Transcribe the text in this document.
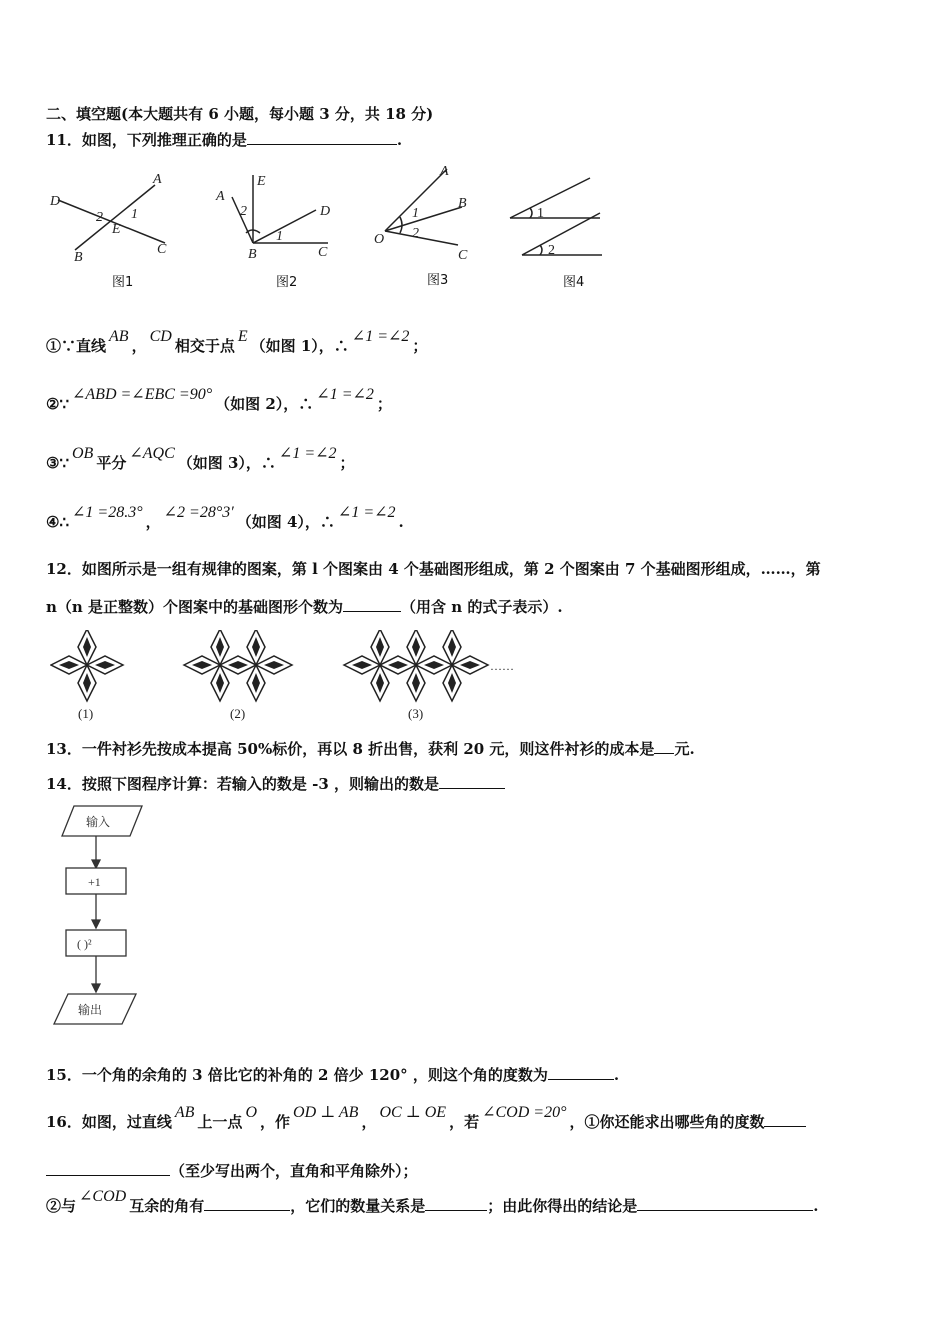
二、填空题(本大题共有 6 小题，每小题 3 分，共 18 分)
11．如图，下列推理正确的是	.
D
A
B
C
E
1
2
E
A
D
B	C
1
2
A
B
O
C
1
2
1
2
图1	图2	图3	图4
①∵直线AB，CD相交于点E（如图 1），∴∠1 =∠2；
②∵∠ABD =∠EBC =90°（如图 2），∴∠1 =∠2；
③∵OB平分∠AQC（如图 3），∴∠1 =∠2；
④∴∠1 =28.3°，∠2 =28°3′（如图 4），∴∠1 =∠2.
12．如图所示是一组有规律的图案，第 l 个图案由 4 个基础图形组成，第 2 个图案由 7 个基础图形组成，……，第
n（n 是正整数）个图案中的基础图形个数为	（用含 n 的式子表示）.
……
(1)	(2)	(3)
13．一件衬衫先按成本提高 50%标价，再以 8 折出售，获利 20 元，则这件衬衫的成本是 元.
14．按照下图程序计算：若输入的数是 -3 ，则输出的数是
输入
+1
( )²
输出
15．一个角的余角的 3 倍比它的补角的 2 倍少 120° ，则这个角的度数为	.
16．如图，过直线AB上一点O，作OD ⊥ AB，OC ⊥ OE，若∠COD =20°，①你还能求出哪些角的度数
（至少写出两个，直角和平角除外）；
②与∠COD互余的角有	，它们的数量关系是	；由此你得出的结论是	.
